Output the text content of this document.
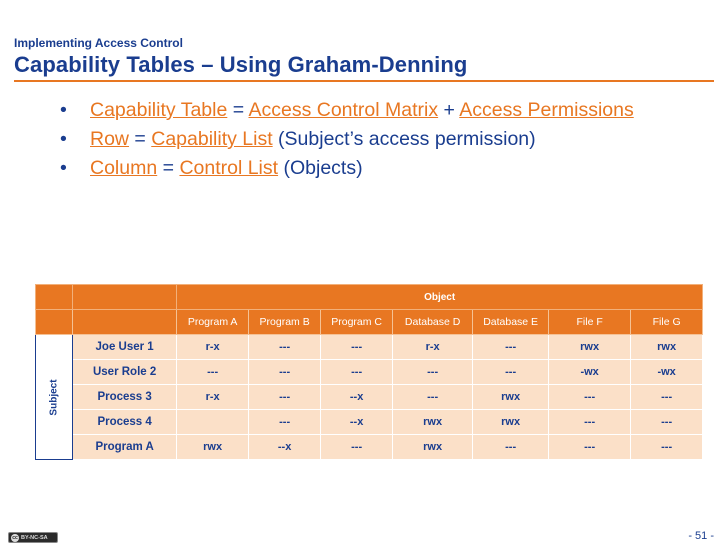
Implementing Access Control
Capability Tables – Using Graham-Denning
• Capability Table = Access Control Matrix + Access Permissions
• Row = Capability List (Subject’s access permission)
• Column = Control List (Objects)
		Object						
		Program A	Program B	Program C	Database D	Database E	File F	File G
Subject	Joe User 1	r-x	---	---	r-x	---	rwx	rwx
	User Role 2	---	---	---	---	---	-wx	-wx
	Process 3	r-x	---	--x	---	rwx	---	---
	Process 4		---	--x	rwx	rwx	---	---
	Program A	rwx	--x	---	rwx	---	---	---
cc BY-NC-SA	- 51 -
